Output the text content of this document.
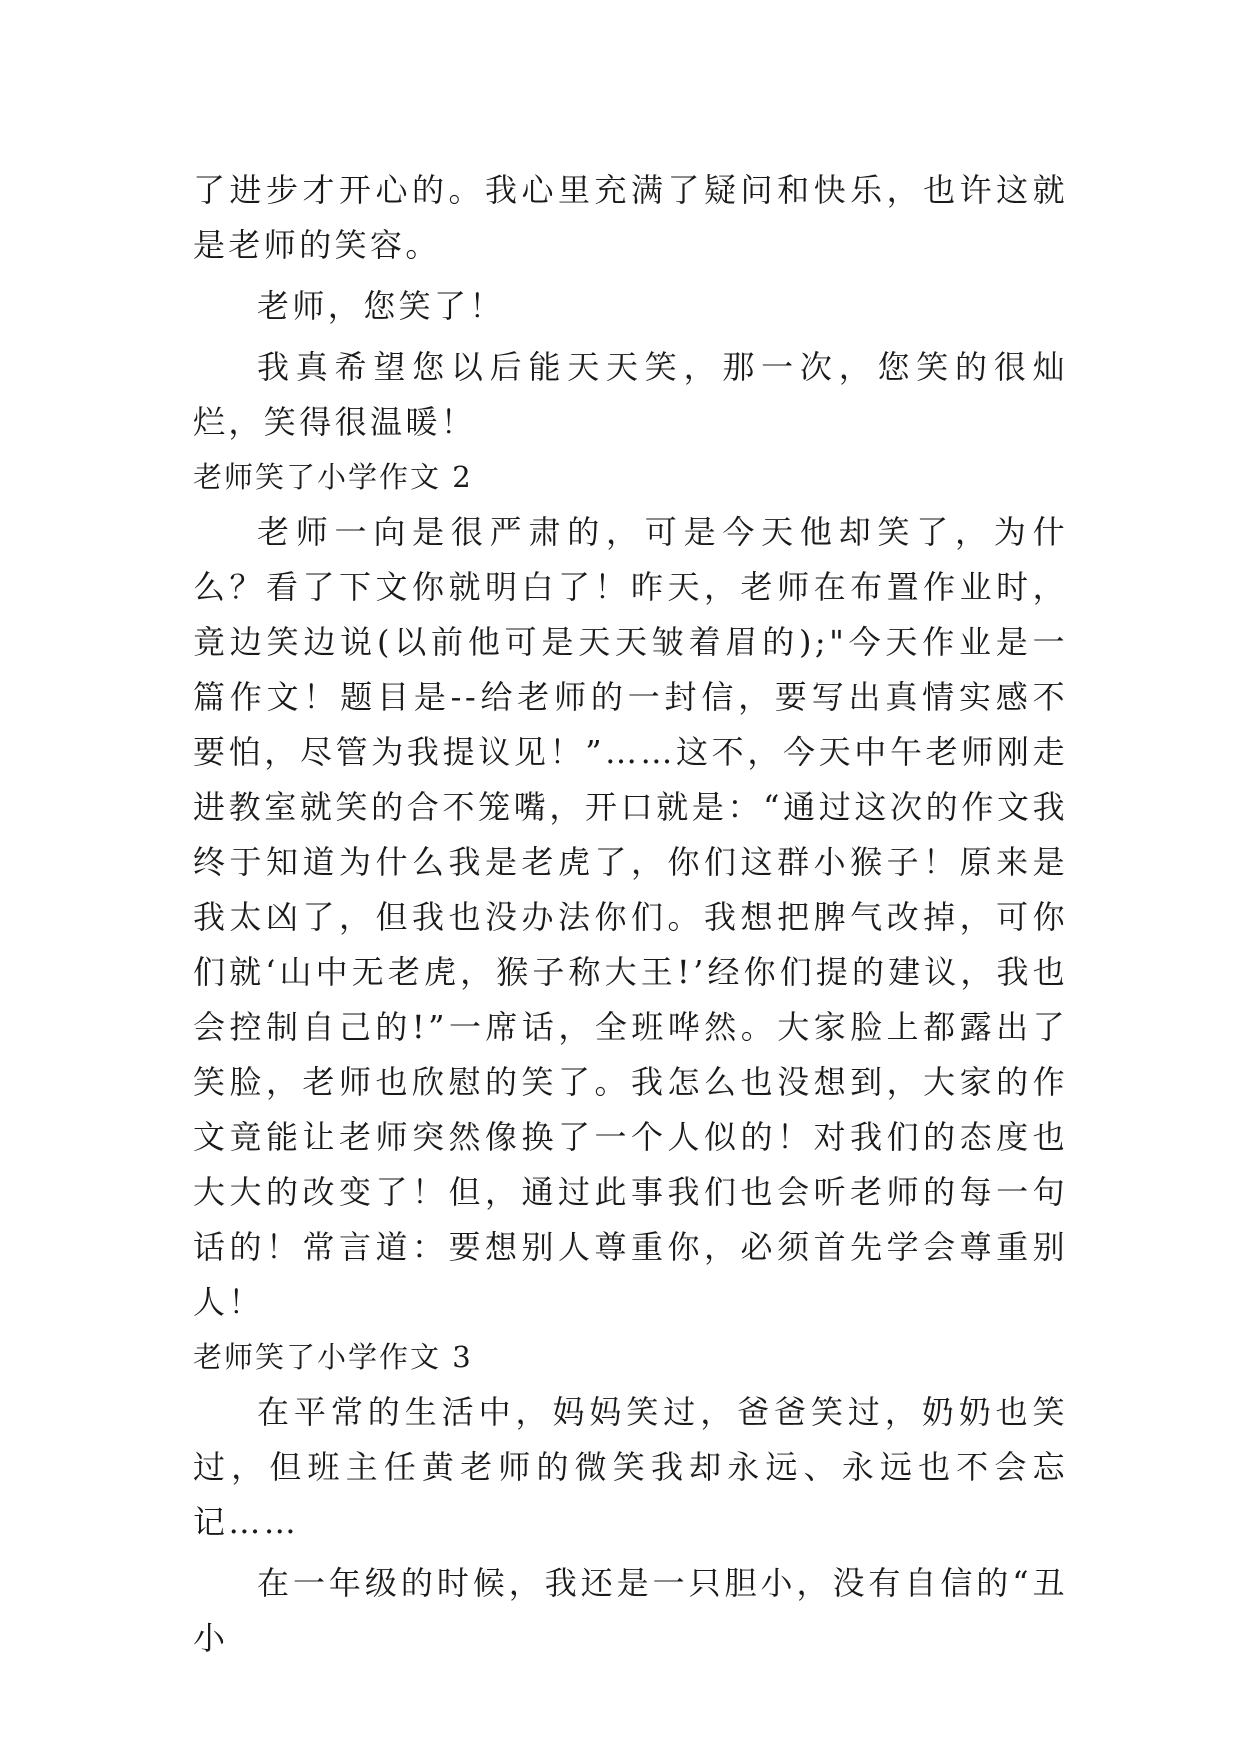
了进步才开心的。我心里充满了疑问和快乐，也许这就是老师的笑容。

老师，您笑了！

我真希望您以后能天天笑，那一次，您笑的很灿烂，笑得很温暖！

老师笑了小学作文 2

老师一向是很严肃的，可是今天他却笑了，为什么？看了下文你就明白了！昨天，老师在布置作业时，竟边笑边说(以前他可是天天皱着眉的);"今天作业是一篇作文！题目是--给老师的一封信，要写出真情实感不要怕，尽管为我提议见！”……这不，今天中午老师刚走进教室就笑的合不笼嘴，开口就是：“通过这次的作文我终于知道为什么我是老虎了，你们这群小猴子！原来是我太凶了，但我也没办法你们。我想把脾气改掉，可你们就‘山中无老虎，猴子称大王!’经你们提的建议，我也会控制自己的!”一席话，全班哗然。大家脸上都露出了笑脸，老师也欣慰的笑了。我怎么也没想到，大家的作文竟能让老师突然像换了一个人似的！对我们的态度也大大的改变了！但，通过此事我们也会听老师的每一句话的！常言道：要想别人尊重你，必须首先学会尊重别人！

老师笑了小学作文 3

在平常的生活中，妈妈笑过，爸爸笑过，奶奶也笑过，但班主任黄老师的微笑我却永远、永远也不会忘记……

在一年级的时候，我还是一只胆小，没有自信的“丑小
